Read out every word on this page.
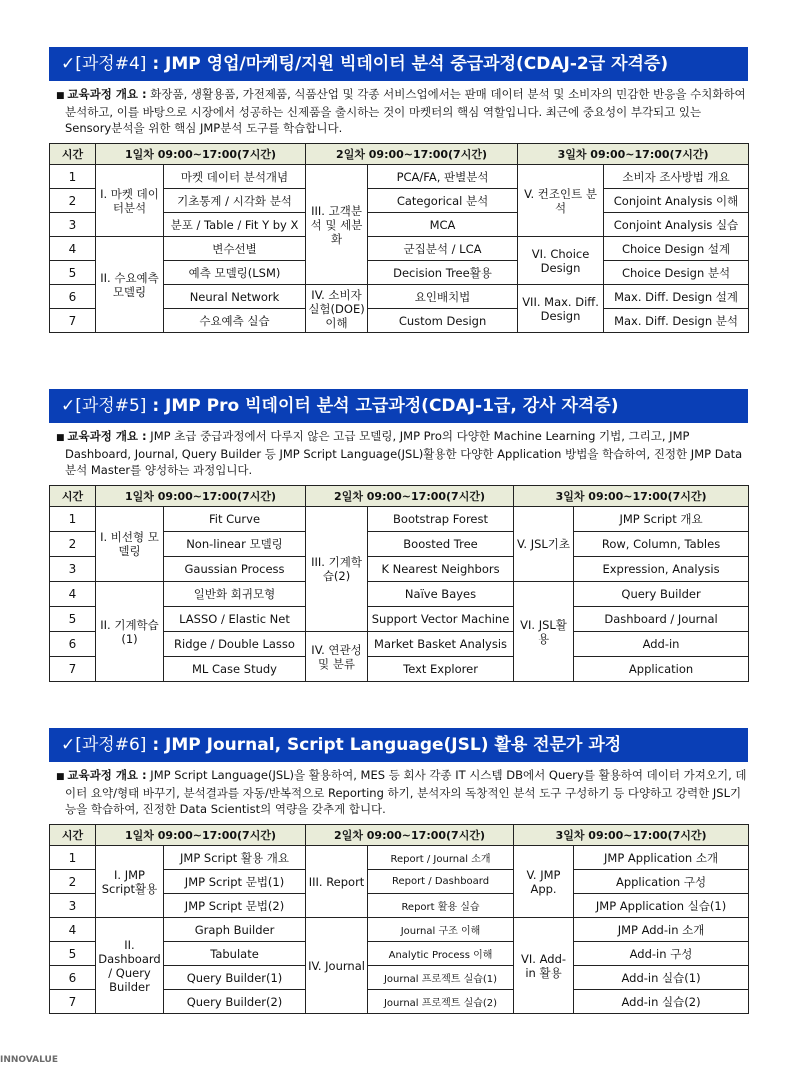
✓[과정#4] : JMP 영업/마케팅/지원 빅데이터 분석 중급과정(CDAJ-2급 자격증)
■ 교육과정 개요 : 화장품, 생활용품, 가전제품, 식품산업 및 각종 서비스업에서는 판매 데이터 분석 및 소비자의 민감한 반응을 수치화하여 분석하고, 이를 바탕으로 시장에서 성공하는 신제품을 출시하는 것이 마켓터의 핵심 역할입니다. 최근에 중요성이 부각되고 있는 Sensory분석을 위한 핵심 JMP분석 도구를 학습합니다.
시간	1일차 09:00~17:00(7시간)		2일차 09:00~17:00(7시간)		3일차 09:00~17:00(7시간)	
1	I. 마켓 데이터분석	마켓 데이터 분석개념	III. 고객분석 및 세분화	PCA/FA, 판별분석	V. 컨조인트 분석	소비자 조사방법 개요
2		기초통계 / 시각화 분석		Categorical 분석		Conjoint Analysis 이해
3		분포 / Table / Fit Y by X		MCA		Conjoint Analysis 실습
4	II. 수요예측 모델링	변수선별		군집분석 / LCA	VI. Choice Design	Choice Design 설계
5		예측 모델링(LSM)		Decision Tree활용		Choice Design 분석
6		Neural Network	IV. 소비자 실험(DOE) 이해	요인배치법	VII. Max. Diff. Design	Max. Diff. Design 설계
7		수요예측 실습		Custom Design		Max. Diff. Design 분석
✓[과정#5] : JMP Pro 빅데이터 분석 고급과정(CDAJ-1급, 강사 자격증)
■ 교육과정 개요 : JMP 초급 중급과정에서 다루지 않은 고급 모델링, JMP Pro의 다양한 Machine Learning 기법, 그리고, JMP Dashboard, Journal, Query Builder 등 JMP Script Language(JSL)활용한 다양한 Application 방법을 학습하여, 진정한 JMP Data 분석 Master를 양성하는 과정입니다.
시간	1일차 09:00~17:00(7시간)		2일차 09:00~17:00(7시간)		3일차 09:00~17:00(7시간)	
1	I. 비선형 모델링	Fit Curve	III. 기계학습(2)	Bootstrap Forest	V. JSL기초	JMP Script 개요
2		Non-linear 모델링		Boosted Tree		Row, Column, Tables
3		Gaussian Process		K Nearest Neighbors		Expression, Analysis
4	II. 기계학습(1)	일반화 회귀모형		Naïve Bayes	VI. JSL활용	Query Builder
5		LASSO / Elastic Net		Support Vector Machine		Dashboard / Journal
6		Ridge / Double Lasso	IV. 연관성 및 분류	Market Basket Analysis		Add-in
7		ML Case Study		Text Explorer		Application
✓[과정#6] : JMP Journal, Script Language(JSL) 활용 전문가 과정
■ 교육과정 개요 : JMP Script Language(JSL)을 활용하여, MES 등 회사 각종 IT 시스템 DB에서 Query를 활용하여 데이터 가져오기, 데이터 요약/형태 바꾸기, 분석결과를 자동/반복적으로 Reporting 하기, 분석자의 독창적인 분석 도구 구성하기 등 다양하고 강력한 JSL기능을 학습하여, 진정한 Data Scientist의 역량을 갖추게 합니다.
시간	1일차 09:00~17:00(7시간)		2일차 09:00~17:00(7시간)		3일차 09:00~17:00(7시간)	
1	I. JMP Script활용	JMP Script 활용 개요	III. Report	Report / Journal 소개	V. JMP App.	JMP Application 소개
2		JMP Script 문법(1)		Report / Dashboard		Application 구성
3		JMP Script 문법(2)		Report 활용 실습		JMP Application 실습(1)
4	II. Dashboard / Query Builder	Graph Builder	IV. Journal	Journal 구조 이해	VI. Add-in 활용	JMP Add-in 소개
5		Tabulate		Analytic Process 이해		Add-in 구성
6		Query Builder(1)		Journal 프로젝트 실습(1)		Add-in 실습(1)
7		Query Builder(2)		Journal 프로젝트 실습(2)		Add-in 실습(2)
INNOVALUE
